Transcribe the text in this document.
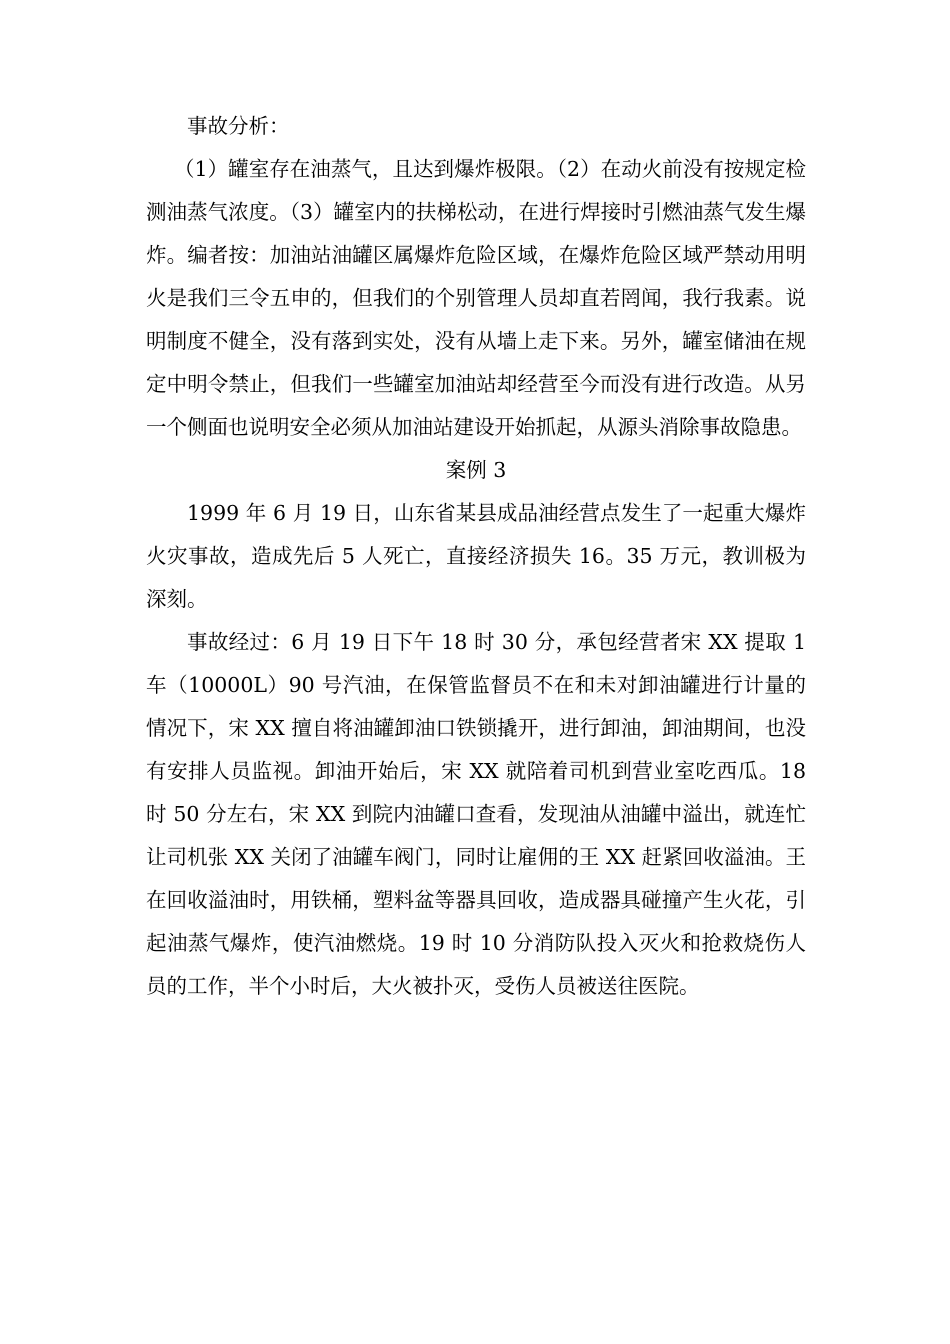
事故分析：

（1）罐室存在油蒸气，且达到爆炸极限。（2）在动火前没有按规定检测油蒸气浓度。（3）罐室内的扶梯松动，在进行焊接时引燃油蒸气发生爆炸。编者按：加油站油罐区属爆炸危险区域，在爆炸危险区域严禁动用明火是我们三令五申的，但我们的个别管理人员却直若罔闻，我行我素。说明制度不健全，没有落到实处，没有从墙上走下来。另外，罐室储油在规定中明令禁止，但我们一些罐室加油站却经营至今而没有进行改造。从另一个侧面也说明安全必须从加油站建设开始抓起，从源头消除事故隐患。

案例 3

1999 年 6 月 19 日，山东省某县成品油经营点发生了一起重大爆炸火灾事故，造成先后 5 人死亡，直接经济损失 16。35 万元，教训极为深刻。

事故经过：6 月 19 日下午 18 时 30 分，承包经营者宋 XX 提取 1 车（10000L）90 号汽油，在保管监督员不在和未对卸油罐进行计量的情况下，宋 XX 擅自将油罐卸油口铁锁撬开，进行卸油，卸油期间，也没有安排人员监视。卸油开始后，宋 XX 就陪着司机到营业室吃西瓜。18 时 50 分左右，宋 XX 到院内油罐口查看，发现油从油罐中溢出，就连忙让司机张 XX 关闭了油罐车阀门，同时让雇佣的王 XX 赶紧回收溢油。王在回收溢油时，用铁桶，塑料盆等器具回收，造成器具碰撞产生火花，引起油蒸气爆炸，使汽油燃烧。19 时 10 分消防队投入灭火和抢救烧伤人员的工作，半个小时后，大火被扑灭，受伤人员被送往医院。
